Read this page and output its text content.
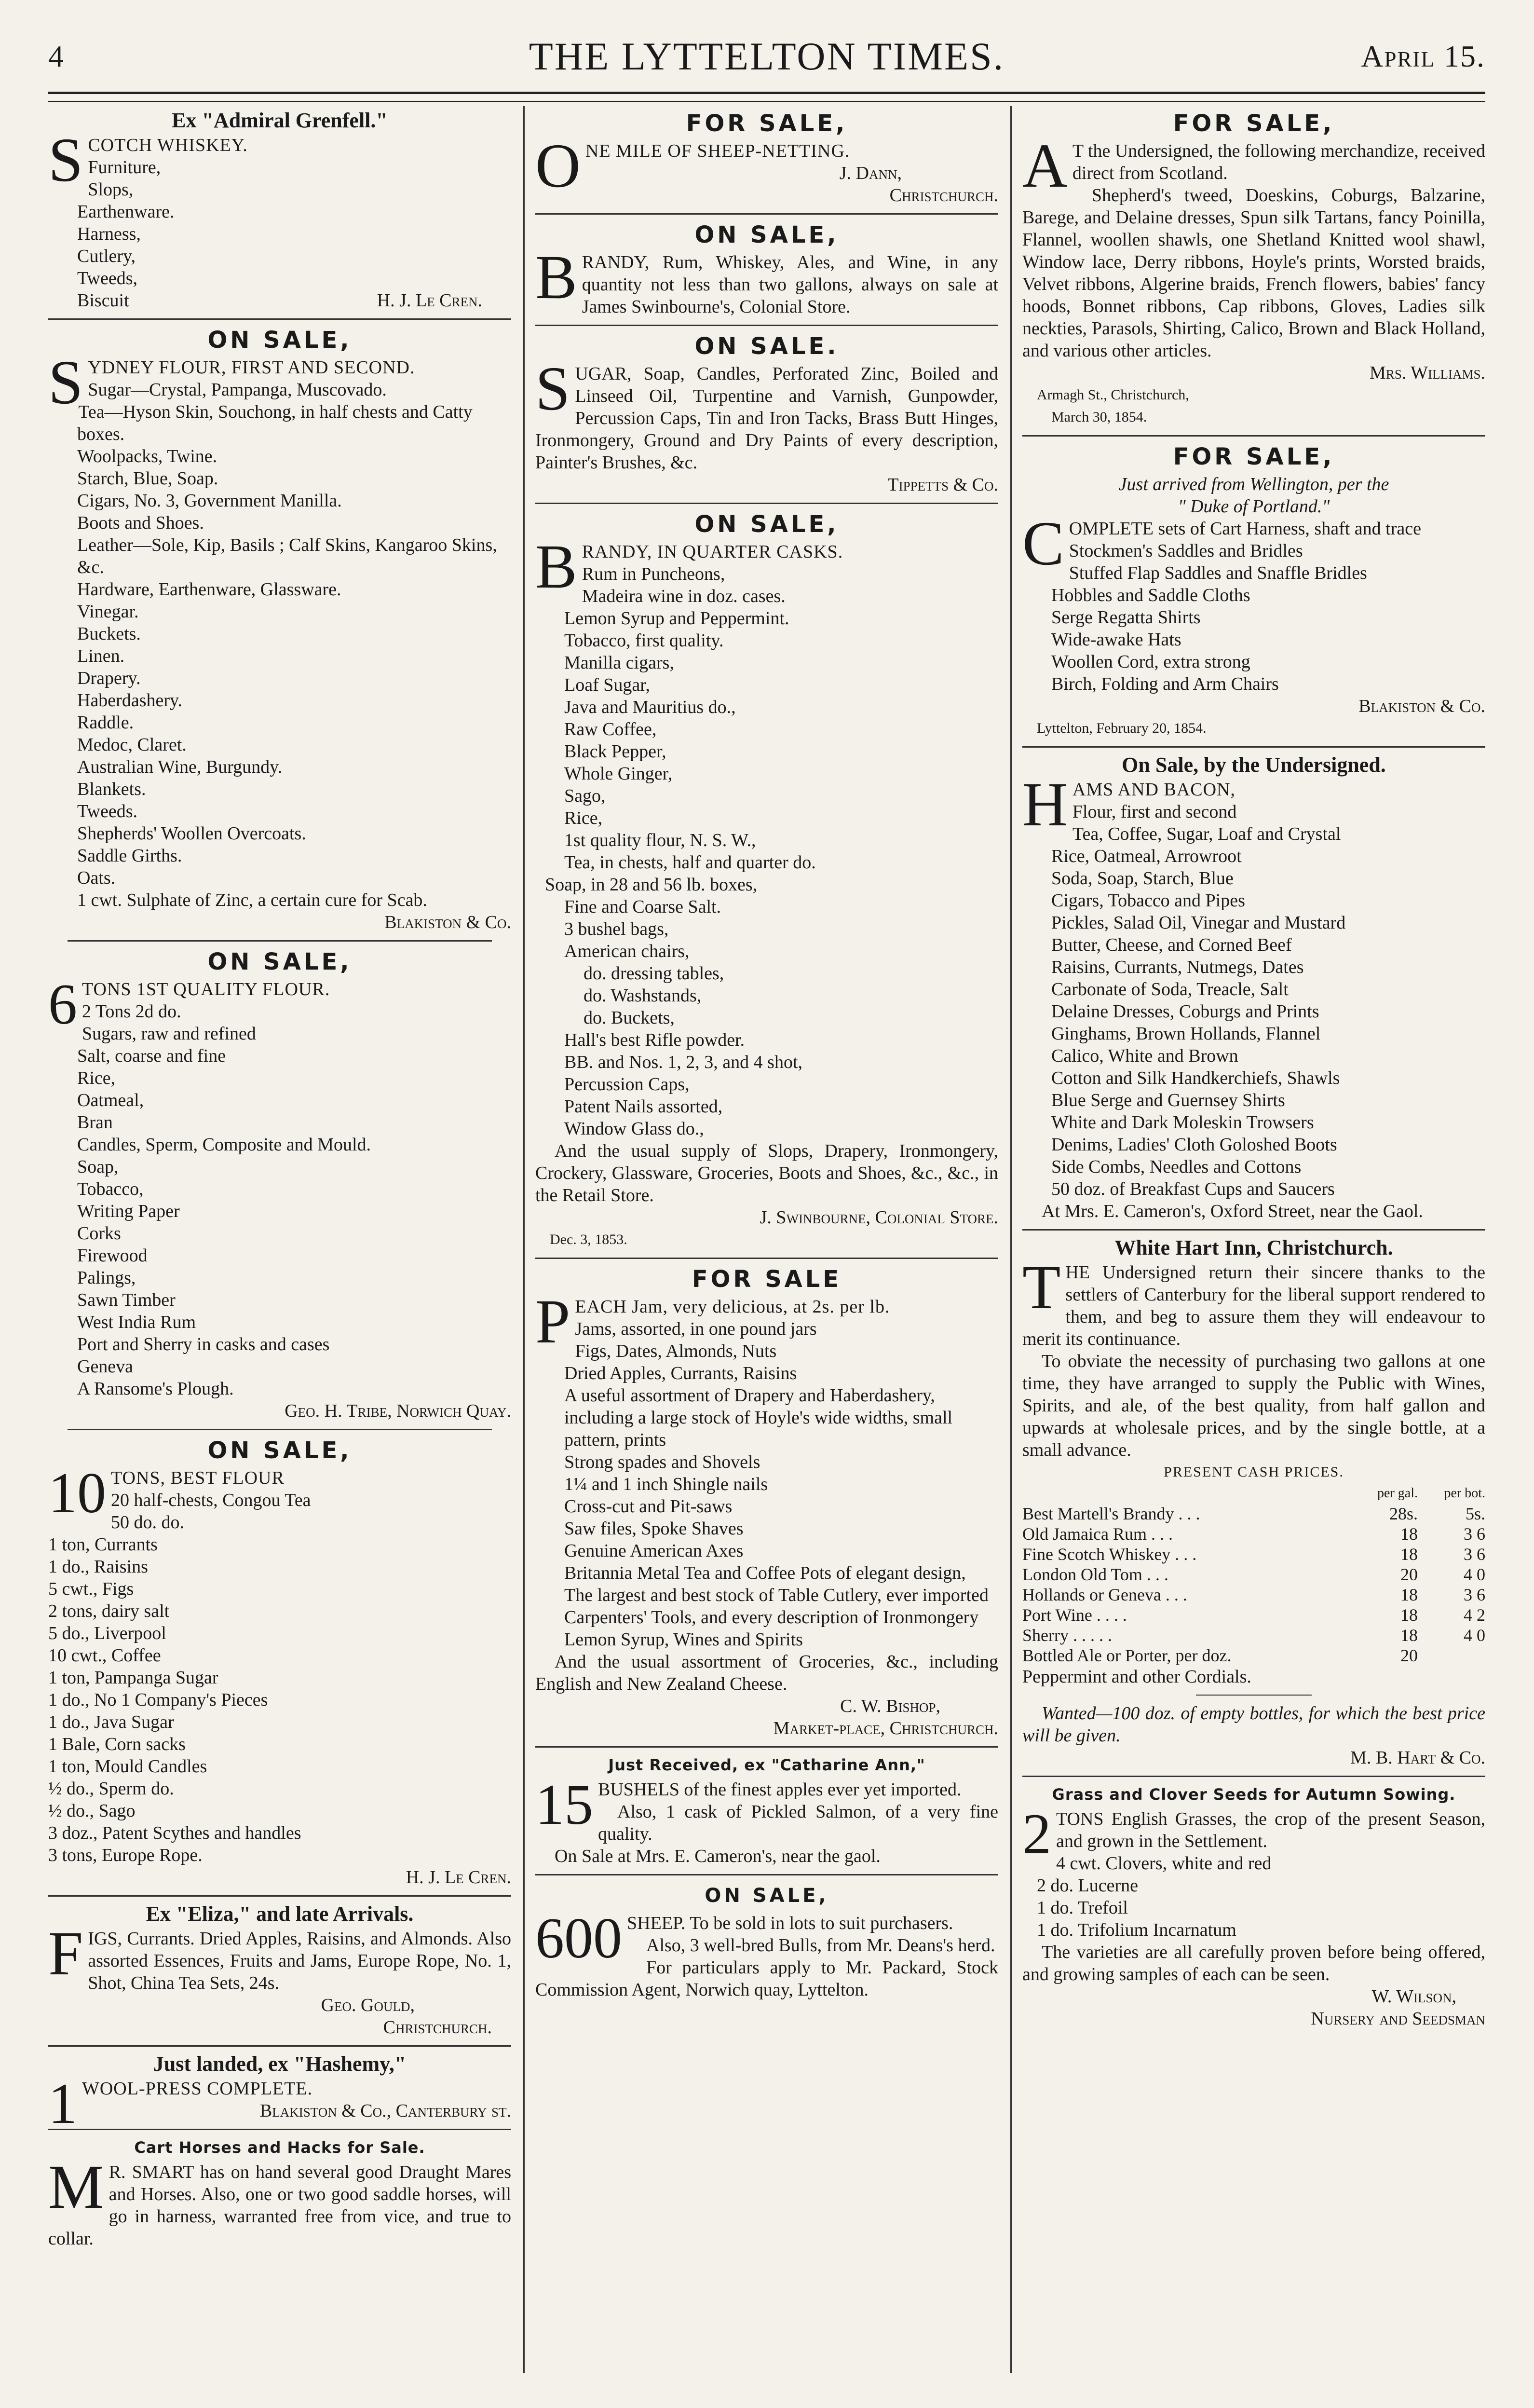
4	THE LYTTELTON TIMES.	April 15.
Ex "Admiral Grenfell."
SCOTCH WHISKEY.
Furniture,
Slops,
Earthenware.
Harness,
Cutlery,
Tweeds,
Biscuit	H. J. Le Cren.
ON SALE,
SYDNEY FLOUR, FIRST AND SECOND.
Sugar—Crystal, Pampanga, Muscovado.
Tea—Hyson Skin, Souchong, in half chests and Catty boxes.
Woolpacks, Twine.
Starch, Blue, Soap.
Cigars, No. 3, Government Manilla.
Boots and Shoes.
Leather—Sole, Kip, Basils ; Calf Skins, Kangaroo Skins, &c.
Hardware, Earthenware, Glassware.
Vinegar.
Buckets.
Linen.
Drapery.
Haberdashery.
Raddle.
Medoc, Claret.
Australian Wine, Burgundy.
Blankets.
Tweeds.
Shepherds' Woollen Overcoats.
Saddle Girths.
Oats.
1 cwt. Sulphate of Zinc, a certain cure for Scab.
Blakiston & Co.
ON SALE,
6 TONS 1ST QUALITY FLOUR.
2 Tons 2d do.
Sugars, raw and refined
Salt, coarse and fine
Rice,
Oatmeal,
Bran
Candles, Sperm, Composite and Mould.
Soap,
Tobacco,
Writing Paper
Corks
Firewood
Palings,
Sawn Timber
West India Rum
Port and Sherry in casks and cases
Geneva
A Ransome's Plough.
Geo. H. Tribe, Norwich Quay.
ON SALE,
10 TONS, BEST FLOUR
20 half-chests, Congou Tea
50 do. do.
1 ton, Currants
1 do., Raisins
5 cwt., Figs
2 tons, dairy salt
5 do., Liverpool
10 cwt., Coffee
1 ton, Pampanga Sugar
1 do., No 1 Company's Pieces
1 do., Java Sugar
1 Bale, Corn sacks
1 ton, Mould Candles
½ do., Sperm do.
½ do., Sago
3 doz., Patent Scythes and handles
3 tons, Europe Rope.
H. J. Le Cren.
Ex "Eliza," and late Arrivals.
FIGS, Currants. Dried Apples, Raisins, and Almonds. Also assorted Essences, Fruits and Jams, Europe Rope, No. 1, Shot, China Tea Sets, 24s.
Geo. Gould,
Christchurch.
Just landed, ex "Hashemy,"
1 WOOL-PRESS COMPLETE.
Blakiston & Co., Canterbury st.
Cart Horses and Hacks for Sale.
M R. SMART has on hand several good Draught Mares and Horses. Also, one or two good saddle horses, will go in harness, warranted free from vice, and true to collar.
FOR SALE,
ONE MILE OF SHEEP-NETTING.
J. Dann,
Christchurch.
ON SALE,
BRANDY, Rum, Whiskey, Ales, and Wine, in any quantity not less than two gallons, always on sale at James Swinbourne's, Colonial Store.
ON SALE.
SUGAR, Soap, Candles, Perforated Zinc, Boiled and Linseed Oil, Turpentine and Varnish, Gunpowder, Percussion Caps, Tin and Iron Tacks, Brass Butt Hinges, Ironmongery, Ground and Dry Paints of every description, Painter's Brushes, &c.
Tippetts & Co.
ON SALE,
BRANDY, IN QUARTER CASKS.
Rum in Puncheons,
Madeira wine in doz. cases.
Lemon Syrup and Peppermint.
Tobacco, first quality.
Manilla cigars,
Loaf Sugar,
Java and Mauritius do.,
Raw Coffee,
Black Pepper,
Whole Ginger,
Sago,
Rice,
1st quality flour, N. S. W.,
Tea, in chests, half and quarter do.
Soap, in 28 and 56 lb. boxes,
Fine and Coarse Salt.
3 bushel bags,
American chairs,
do. dressing tables,
do. Washstands,
do. Buckets,
Hall's best Rifle powder.
BB. and Nos. 1, 2, 3, and 4 shot,
Percussion Caps,
Patent Nails assorted,
Window Glass do.,

And the usual supply of Slops, Drapery, Ironmongery, Crockery, Glassware, Groceries, Boots and Shoes, &c., &c., in the Retail Store.

J. Swinbourne, Colonial Store.
Dec. 3, 1853.
FOR SALE
PEACH Jam, very delicious, at 2s. per lb.
Jams, assorted, in one pound jars
Figs, Dates, Almonds, Nuts
Dried Apples, Currants, Raisins
A useful assortment of Drapery and Haberdashery, including a large stock of Hoyle's wide widths, small pattern, prints
Strong spades and Shovels
1¼ and 1 inch Shingle nails
Cross-cut and Pit-saws
Saw files, Spoke Shaves
Genuine American Axes
Britannia Metal Tea and Coffee Pots of elegant design,
The largest and best stock of Table Cutlery, ever imported
Carpenters' Tools, and every description of Ironmongery
Lemon Syrup, Wines and Spirits

And the usual assortment of Groceries, &c., including English and New Zealand Cheese.

C. W. Bishop,
Market-place, Christchurch.
Just Received, ex "Catharine Ann,"
15 BUSHELS of the finest apples ever yet imported.

Also, 1 cask of Pickled Salmon, of a very fine quality.

On Sale at Mrs. E. Cameron's, near the gaol.

ON SALE,
600 SHEEP. To be sold in lots to suit purchasers.

Also, 3 well-bred Bulls, from Mr. Deans's herd.

For particulars apply to Mr. Packard, Stock Commission Agent, Norwich quay, Lyttelton.

FOR SALE,
A T the Undersigned, the following merchandize, received direct from Scotland.

Shepherd's tweed, Doeskins, Coburgs, Balzarine, Barege, and Delaine dresses, Spun silk Tartans, fancy Poinilla, Flannel, woollen shawls, one Shetland Knitted wool shawl, Window lace, Derry ribbons, Hoyle's prints, Worsted braids, Velvet ribbons, Algerine braids, French flowers, babies' fancy hoods, Bonnet ribbons, Cap ribbons, Gloves, Ladies silk neckties, Parasols, Shirting, Calico, Brown and Black Holland, and various other articles.

Mrs. Williams.
Armagh St., Christchurch,
March 30, 1854.
FOR SALE,
Just arrived from Wellington, per the
" Duke of Portland."
COMPLETE sets of Cart Harness, shaft and trace
Stockmen's Saddles and Bridles
Stuffed Flap Saddles and Snaffle Bridles
Hobbles and Saddle Cloths
Serge Regatta Shirts
Wide-awake Hats
Woollen Cord, extra strong
Birch, Folding and Arm Chairs
Blakiston & Co.
Lyttelton, February 20, 1854.
On Sale, by the Undersigned.
HAMS AND BACON,
Flour, first and second
Tea, Coffee, Sugar, Loaf and Crystal
Rice, Oatmeal, Arrowroot
Soda, Soap, Starch, Blue
Cigars, Tobacco and Pipes
Pickles, Salad Oil, Vinegar and Mustard
Butter, Cheese, and Corned Beef
Raisins, Currants, Nutmegs, Dates
Carbonate of Soda, Treacle, Salt
Delaine Dresses, Coburgs and Prints
Ginghams, Brown Hollands, Flannel
Calico, White and Brown
Cotton and Silk Handkerchiefs, Shawls
Blue Serge and Guernsey Shirts
White and Dark Moleskin Trowsers
Denims, Ladies' Cloth Goloshed Boots
Side Combs, Needles and Cottons
50 doz. of Breakfast Cups and Saucers

At Mrs. E. Cameron's, Oxford Street, near the Gaol.

White Hart Inn, Christchurch.
THE Undersigned return their sincere thanks to the settlers of Canterbury for the liberal support rendered to them, and beg to assure them they will endeavour to merit its continuance.

To obviate the necessity of purchasing two gallons at one time, they have arranged to supply the Public with Wines, Spirits, and ale, of the best quality, from half gallon and upwards at wholesale prices, and by the single bottle, at a small advance.

PRESENT CASH PRICES.
	per gal.	per bot.
Best Martell's Brandy . . .	28s.	5s.
Old Jamaica Rum . . .	18	3 6
Fine Scotch Whiskey . . .	18	3 6
London Old Tom . . .	20	4 0
Hollands or Geneva . . .	18	3 6
Port Wine . . . .	18	4 2
Sherry . . . . .	18	4 0
Bottled Ale or Porter, per doz.	20	
Peppermint and other Cordials.

Wanted—100 doz. of empty bottles, for which the best price will be given.

M. B. Hart & Co.
Grass and Clover Seeds for Autumn Sowing.
2 TONS English Grasses, the crop of the present Season, and grown in the Settlement.
4 cwt. Clovers, white and red
2 do. Lucerne
1 do. Trefoil
1 do. Trifolium Incarnatum

The varieties are all carefully proven before being offered, and growing samples of each can be seen.

W. Wilson,
Nursery and Seedsman
